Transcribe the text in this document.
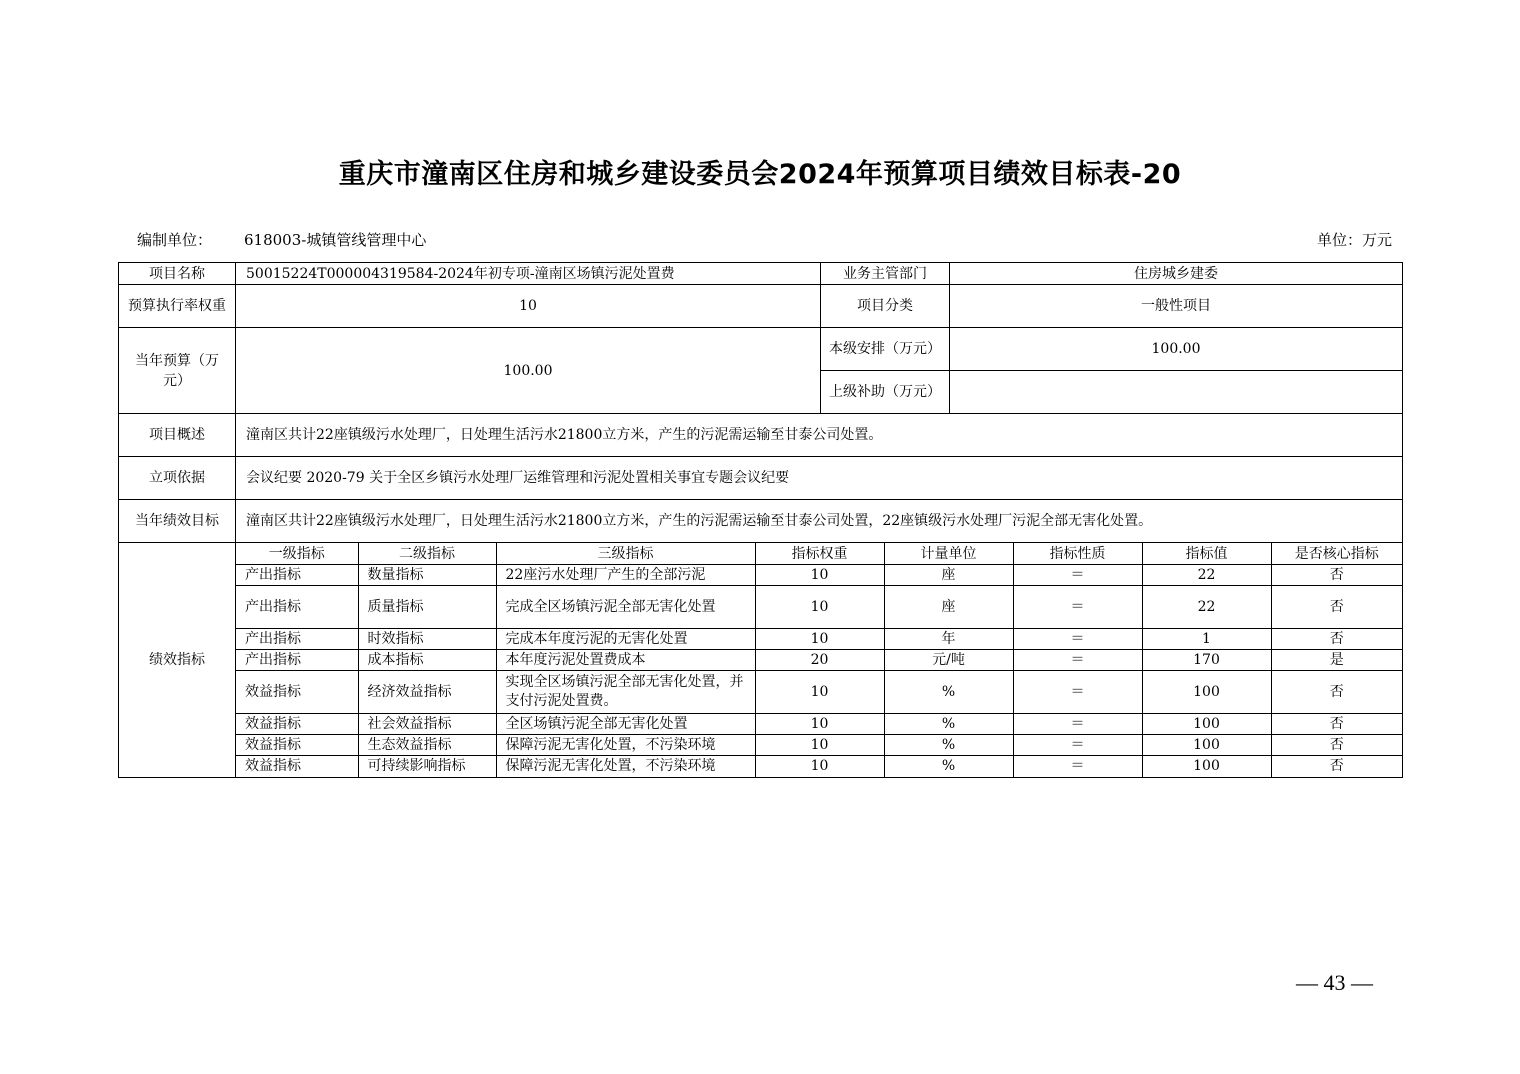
重庆市潼南区住房和城乡建设委员会2024年预算项目绩效目标表-20
编制单位： 618003-城镇管线管理中心	单位：万元
项目名称	50015224T000004319584-2024年初专项-潼南区场镇污泥处置费	业务主管部门	住房城乡建委
预算执行率权重	10	项目分类	一般性项目
当年预算（万元）	100.00	本级安排（万元）	100.00
上级补助（万元）	
项目概述	潼南区共计22座镇级污水处理厂，日处理生活污水21800立方米，产生的污泥需运输至甘泰公司处置。
立项依据	会议纪要 2020-79 关于全区乡镇污水处理厂运维管理和污泥处置相关事宜专题会议纪要
当年绩效目标	潼南区共计22座镇级污水处理厂，日处理生活污水21800立方米，产生的污泥需运输至甘泰公司处置，22座镇级污水处理厂污泥全部无害化处置。
绩效指标	
一级指标	二级指标	三级指标	指标权重	计量单位	指标性质	指标值	是否核心指标
产出指标	数量指标	22座污水处理厂产生的全部污泥	10	座	＝	22	否
产出指标	质量指标	完成全区场镇污泥全部无害化处置	10	座	＝	22	否
产出指标	时效指标	完成本年度污泥的无害化处置	10	年	＝	1	否
产出指标	成本指标	本年度污泥处置费成本	20	元/吨	＝	170	是
效益指标	经济效益指标	实现全区场镇污泥全部无害化处置，并支付污泥处置费。	10	%	＝	100	否
效益指标	社会效益指标	全区场镇污泥全部无害化处置	10	%	＝	100	否
效益指标	生态效益指标	保障污泥无害化处置，不污染环境	10	%	＝	100	否
效益指标	可持续影响指标	保障污泥无害化处置，不污染环境	10	%	＝	100	否
— 43 —
